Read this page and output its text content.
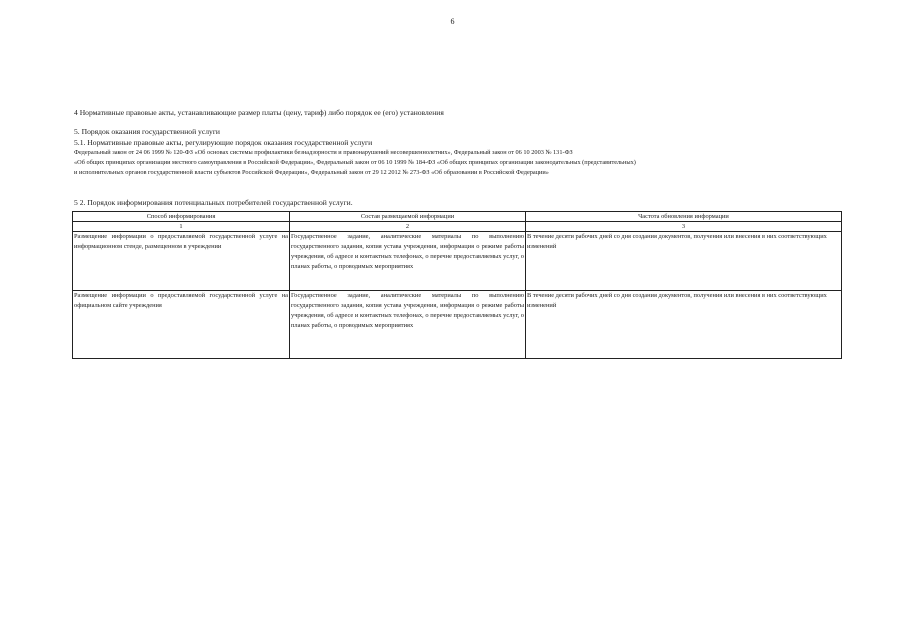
6
4 Нормативные правовые акты, устанавливающие размер платы (цену, тариф) либо порядок ее (его) установления
5. Порядок оказания государственной услуги
5.1. Нормативные правовые акты, регулирующие порядок оказания государственной услуги
Федеральный закон от 24 06 1999 № 120-ФЗ «Об основах системы профилактики безнадзорности и правонарушений несовершеннолетних», Федеральный закон от 06 10 2003 № 131-ФЗ
«Об общих принципах организации местного самоуправления в Российской Федерации», Федеральный закон от 06 10 1999 № 184-ФЗ «Об общих принципах организации законодательных (представительных)
и исполнительных органов государственной власти субъектов Российской Федерации», Федеральный закон от 29 12 2012 № 273-ФЗ «Об образовании в Российской Федерации»
5 2. Порядок информирования потенциальных потребителей государственной услуги.
Способ информирования	Состав размещаемой информации	Частота обновления информации
1	2	3
Размещение информации о предоставляемой государственной услуге на информационном стенде, размещенном в учреждении	Государственное задание, аналитические материалы по выполнению государственного задания, копия устава учреждения, информация о режиме работы учреждения, об адресе и контактных телефонах, о перечне предоставляемых услуг, о планах работы, о проводимых мероприятиях	В течение десяти рабочих дней со дня создания документов, получения или внесения в них соответствующих изменений
Размещение информации о предоставляемой государственной услуге на официальном сайте учреждения	Государственное задание, аналитические материалы по выполнению государственного задания, копия устава учреждения, информация о режиме работы учреждения, об адресе и контактных телефонах, о перечне предоставляемых услуг, о планах работы, о проводимых мероприятиях	В течение десяти рабочих дней со дня создания документов, получения или внесения в них соответствующих изменений
